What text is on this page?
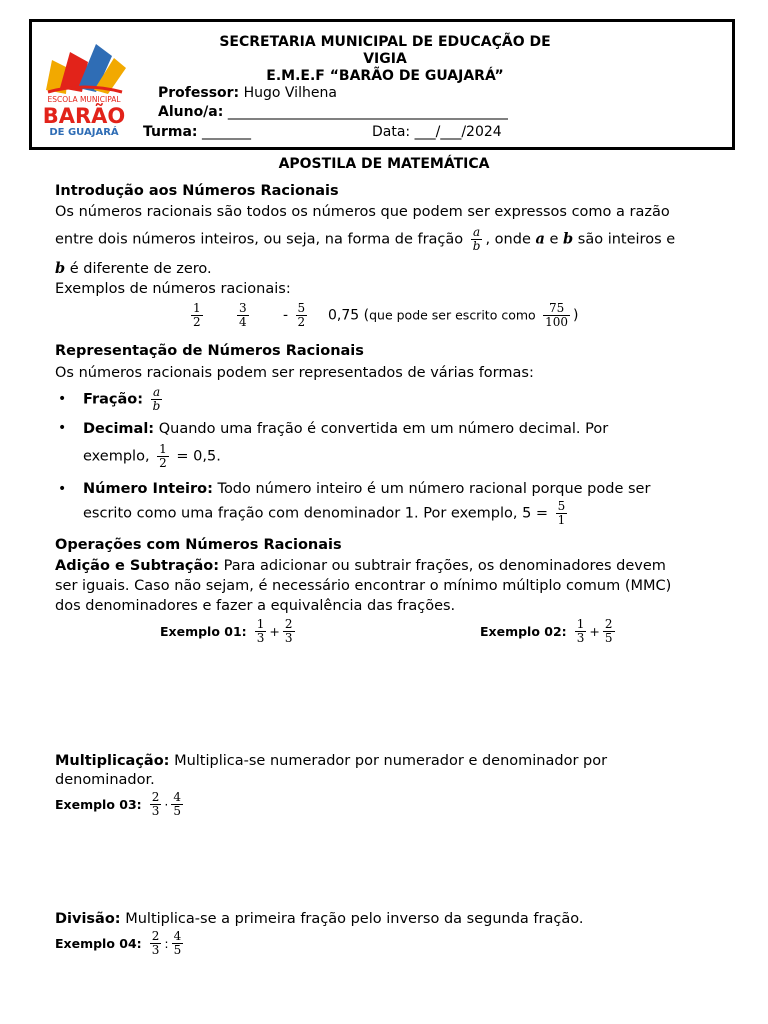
ESCOLA MUNICIPAL
BARÃO
DE GUAJARÁ
SECRETARIA MUNICIPAL DE EDUCAÇÃO DE
VIGIA
E.M.E.F “BARÃO DE GUAJARÁ”
Professor: Hugo Vilhena
Aluno/a: ________________________________________
Turma: _______	Data: ___/___/2024
APOSTILA DE MATEMÁTICA
Introdução aos Números Racionais
Os números racionais são todos os números que podem ser expressos como a razão
entre dois números inteiros, ou seja, na forma de fração $\frac{a}{b}$ , onde a e b são inteiros e
b é diferente de zero.
Exemplos de números racionais:
$\frac{1}{2}$	$\frac{3}{4} - \frac{5}{2} 0,75$ (que pode ser escrito como $\frac{75}{100}$ )
Representação de Números Racionais
Os números racionais podem ser representados de várias formas:
• Fração: $\frac{a}{b}$
• Decimal: Quando uma fração é convertida em um número decimal. Por
exemplo, $\frac{1}{2} = 0,5$.
• Número Inteiro: Todo número inteiro é um número racional porque pode ser
escrito como uma fração com denominador 1. Por exemplo, $5 = \frac{5}{1}$
Operações com Números Racionais
Adição e Subtração: Para adicionar ou subtrair frações, os denominadores devem
ser iguais. Caso não sejam, é necessário encontrar o mínimo múltiplo comum (MMC)
dos denominadores e fazer a equivalência das frações.
Exemplo 01: $\frac{1}{3} + \frac{2}{3}$	Exemplo 02: $\frac{1}{3} + \frac{2}{5}$
Multiplicação: Multiplica-se numerador por numerador e denominador por
denominador.
Exemplo 03: $\frac{2}{3} \cdot \frac{4}{5}$
Divisão: Multiplica-se a primeira fração pelo inverso da segunda fração.
Exemplo 04: $\frac{2}{3}$ : $\frac{4}{5}$
